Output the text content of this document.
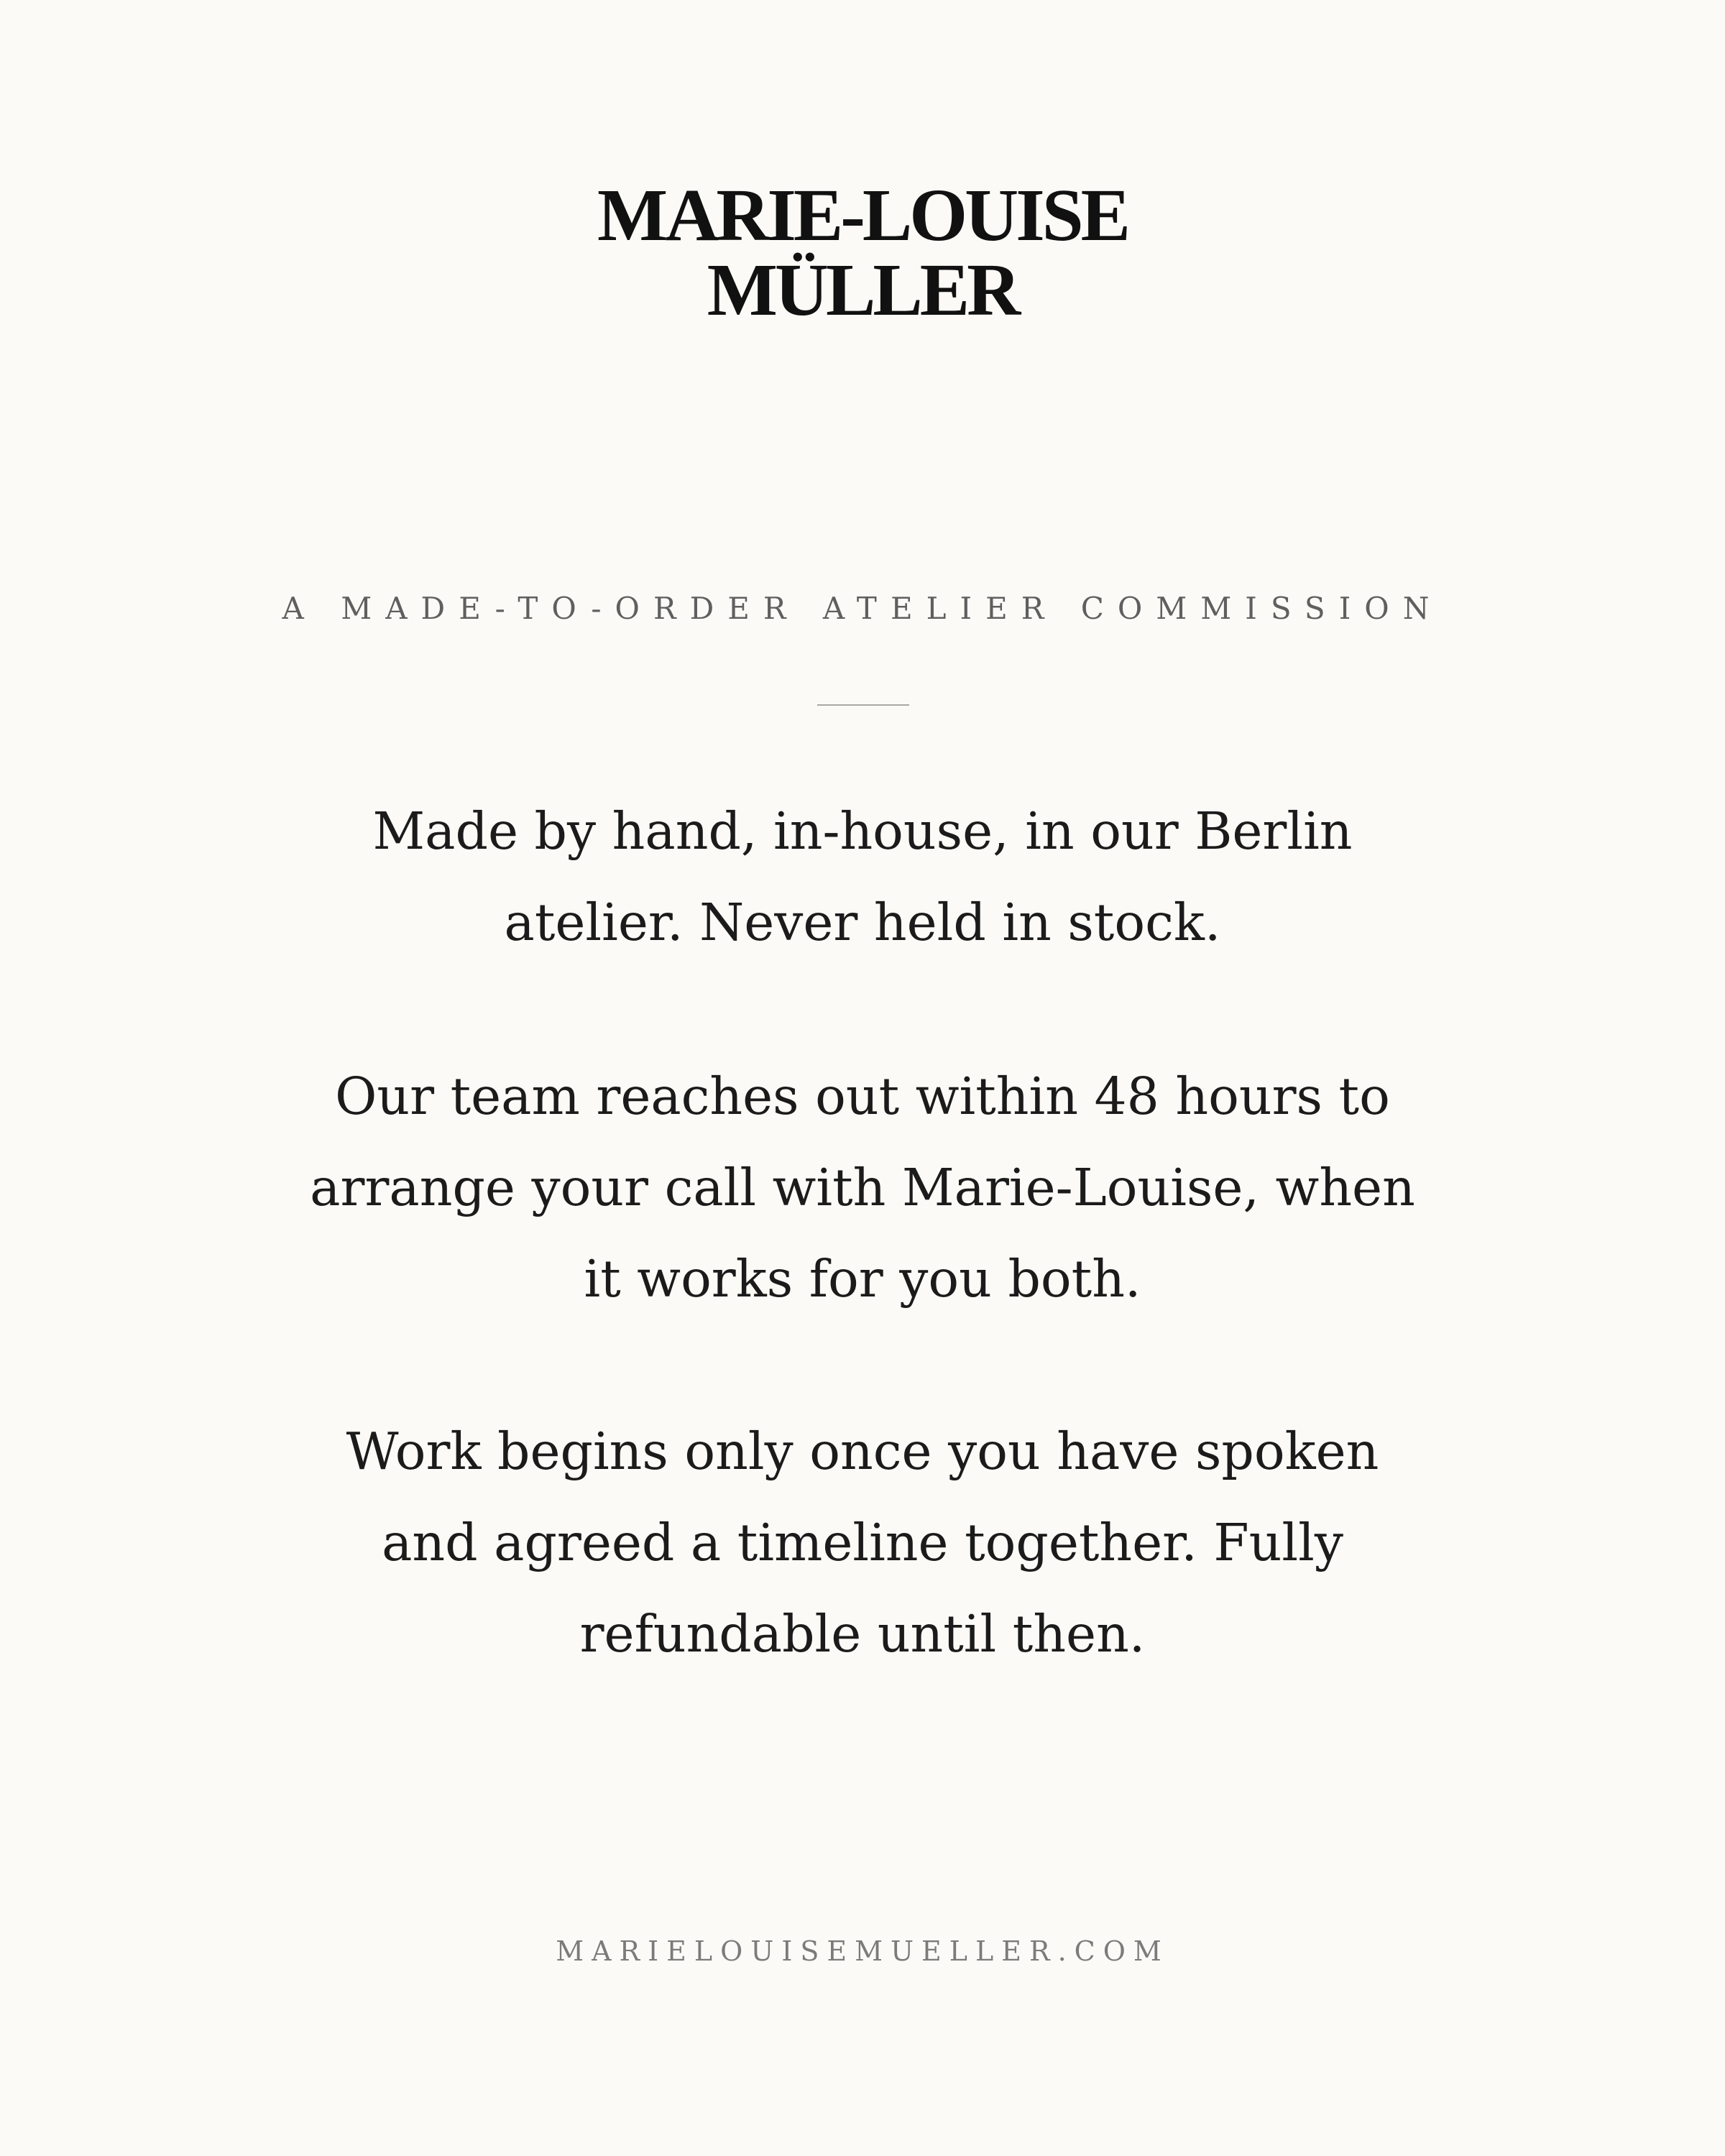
MARIE-LOUISE
MÜLLER
A MADE-TO-ORDER ATELIER COMMISSION

Made by hand, in-house, in our Berlin
atelier. Never held in stock.

Our team reaches out within 48 hours to
arrange your call with Marie-Louise, when
it works for you both.

Work begins only once you have spoken
and agreed a timeline together. Fully
refundable until then.

MARIELOUISEMUELLER.COM
